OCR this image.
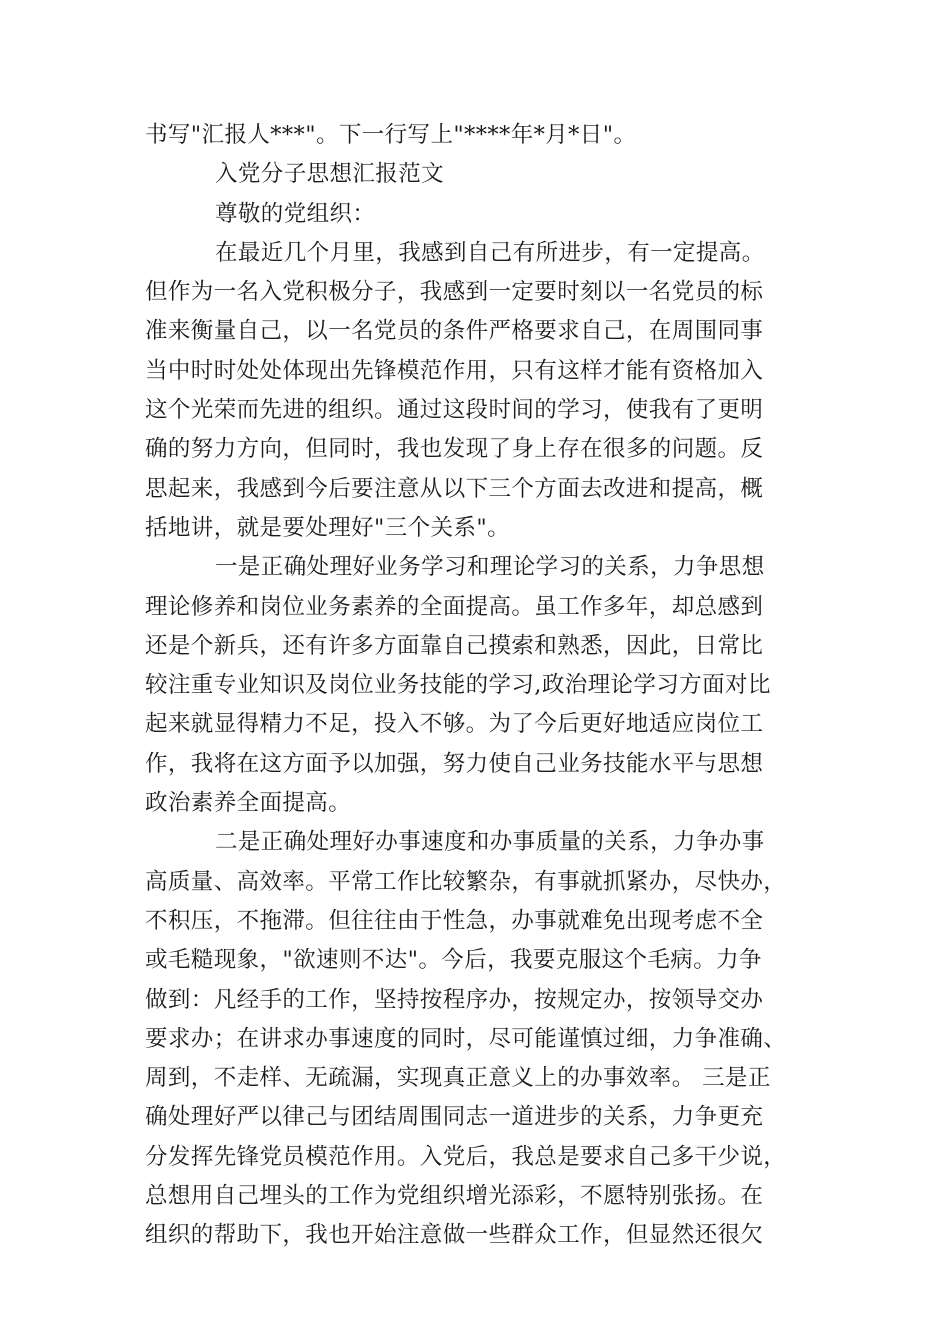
书写"汇报人***"。下一行写上"****年*月*日"。

入党分子思想汇报范文

尊敬的党组织：

在最近几个月里，我感到自己有所进步，有一定提高。
但作为一名入党积极分子，我感到一定要时刻以一名党员的标
准来衡量自己，以一名党员的条件严格要求自己，在周围同事
当中时时处处体现出先锋模范作用，只有这样才能有资格加入
这个光荣而先进的组织。通过这段时间的学习，使我有了更明
确的努力方向，但同时，我也发现了身上存在很多的问题。反
思起来，我感到今后要注意从以下三个方面去改进和提高，概
括地讲，就是要处理好"三个关系"。

一是正确处理好业务学习和理论学习的关系，力争思想
理论修养和岗位业务素养的全面提高。虽工作多年，却总感到
还是个新兵，还有许多方面靠自己摸索和熟悉，因此，日常比
较注重专业知识及岗位业务技能的学习,政治理论学习方面对比
起来就显得精力不足，投入不够。为了今后更好地适应岗位工
作，我将在这方面予以加强，努力使自己业务技能水平与思想
政治素养全面提高。

二是正确处理好办事速度和办事质量的关系，力争办事
高质量、高效率。平常工作比较繁杂，有事就抓紧办，尽快办，
不积压，不拖滞。但往往由于性急，办事就难免出现考虑不全
或毛糙现象，"欲速则不达"。今后，我要克服这个毛病。力争
做到：凡经手的工作，坚持按程序办，按规定办，按领导交办
要求办；在讲求办事速度的同时，尽可能谨慎过细，力争准确、
周到，不走样、无疏漏，实现真正意义上的办事效率。 三是正
确处理好严以律己与团结周围同志一道进步的关系，力争更充
分发挥先锋党员模范作用。入党后，我总是要求自己多干少说，
总想用自己埋头的工作为党组织增光添彩，不愿特别张扬。在
组织的帮助下，我也开始注意做一些群众工作，但显然还很欠
